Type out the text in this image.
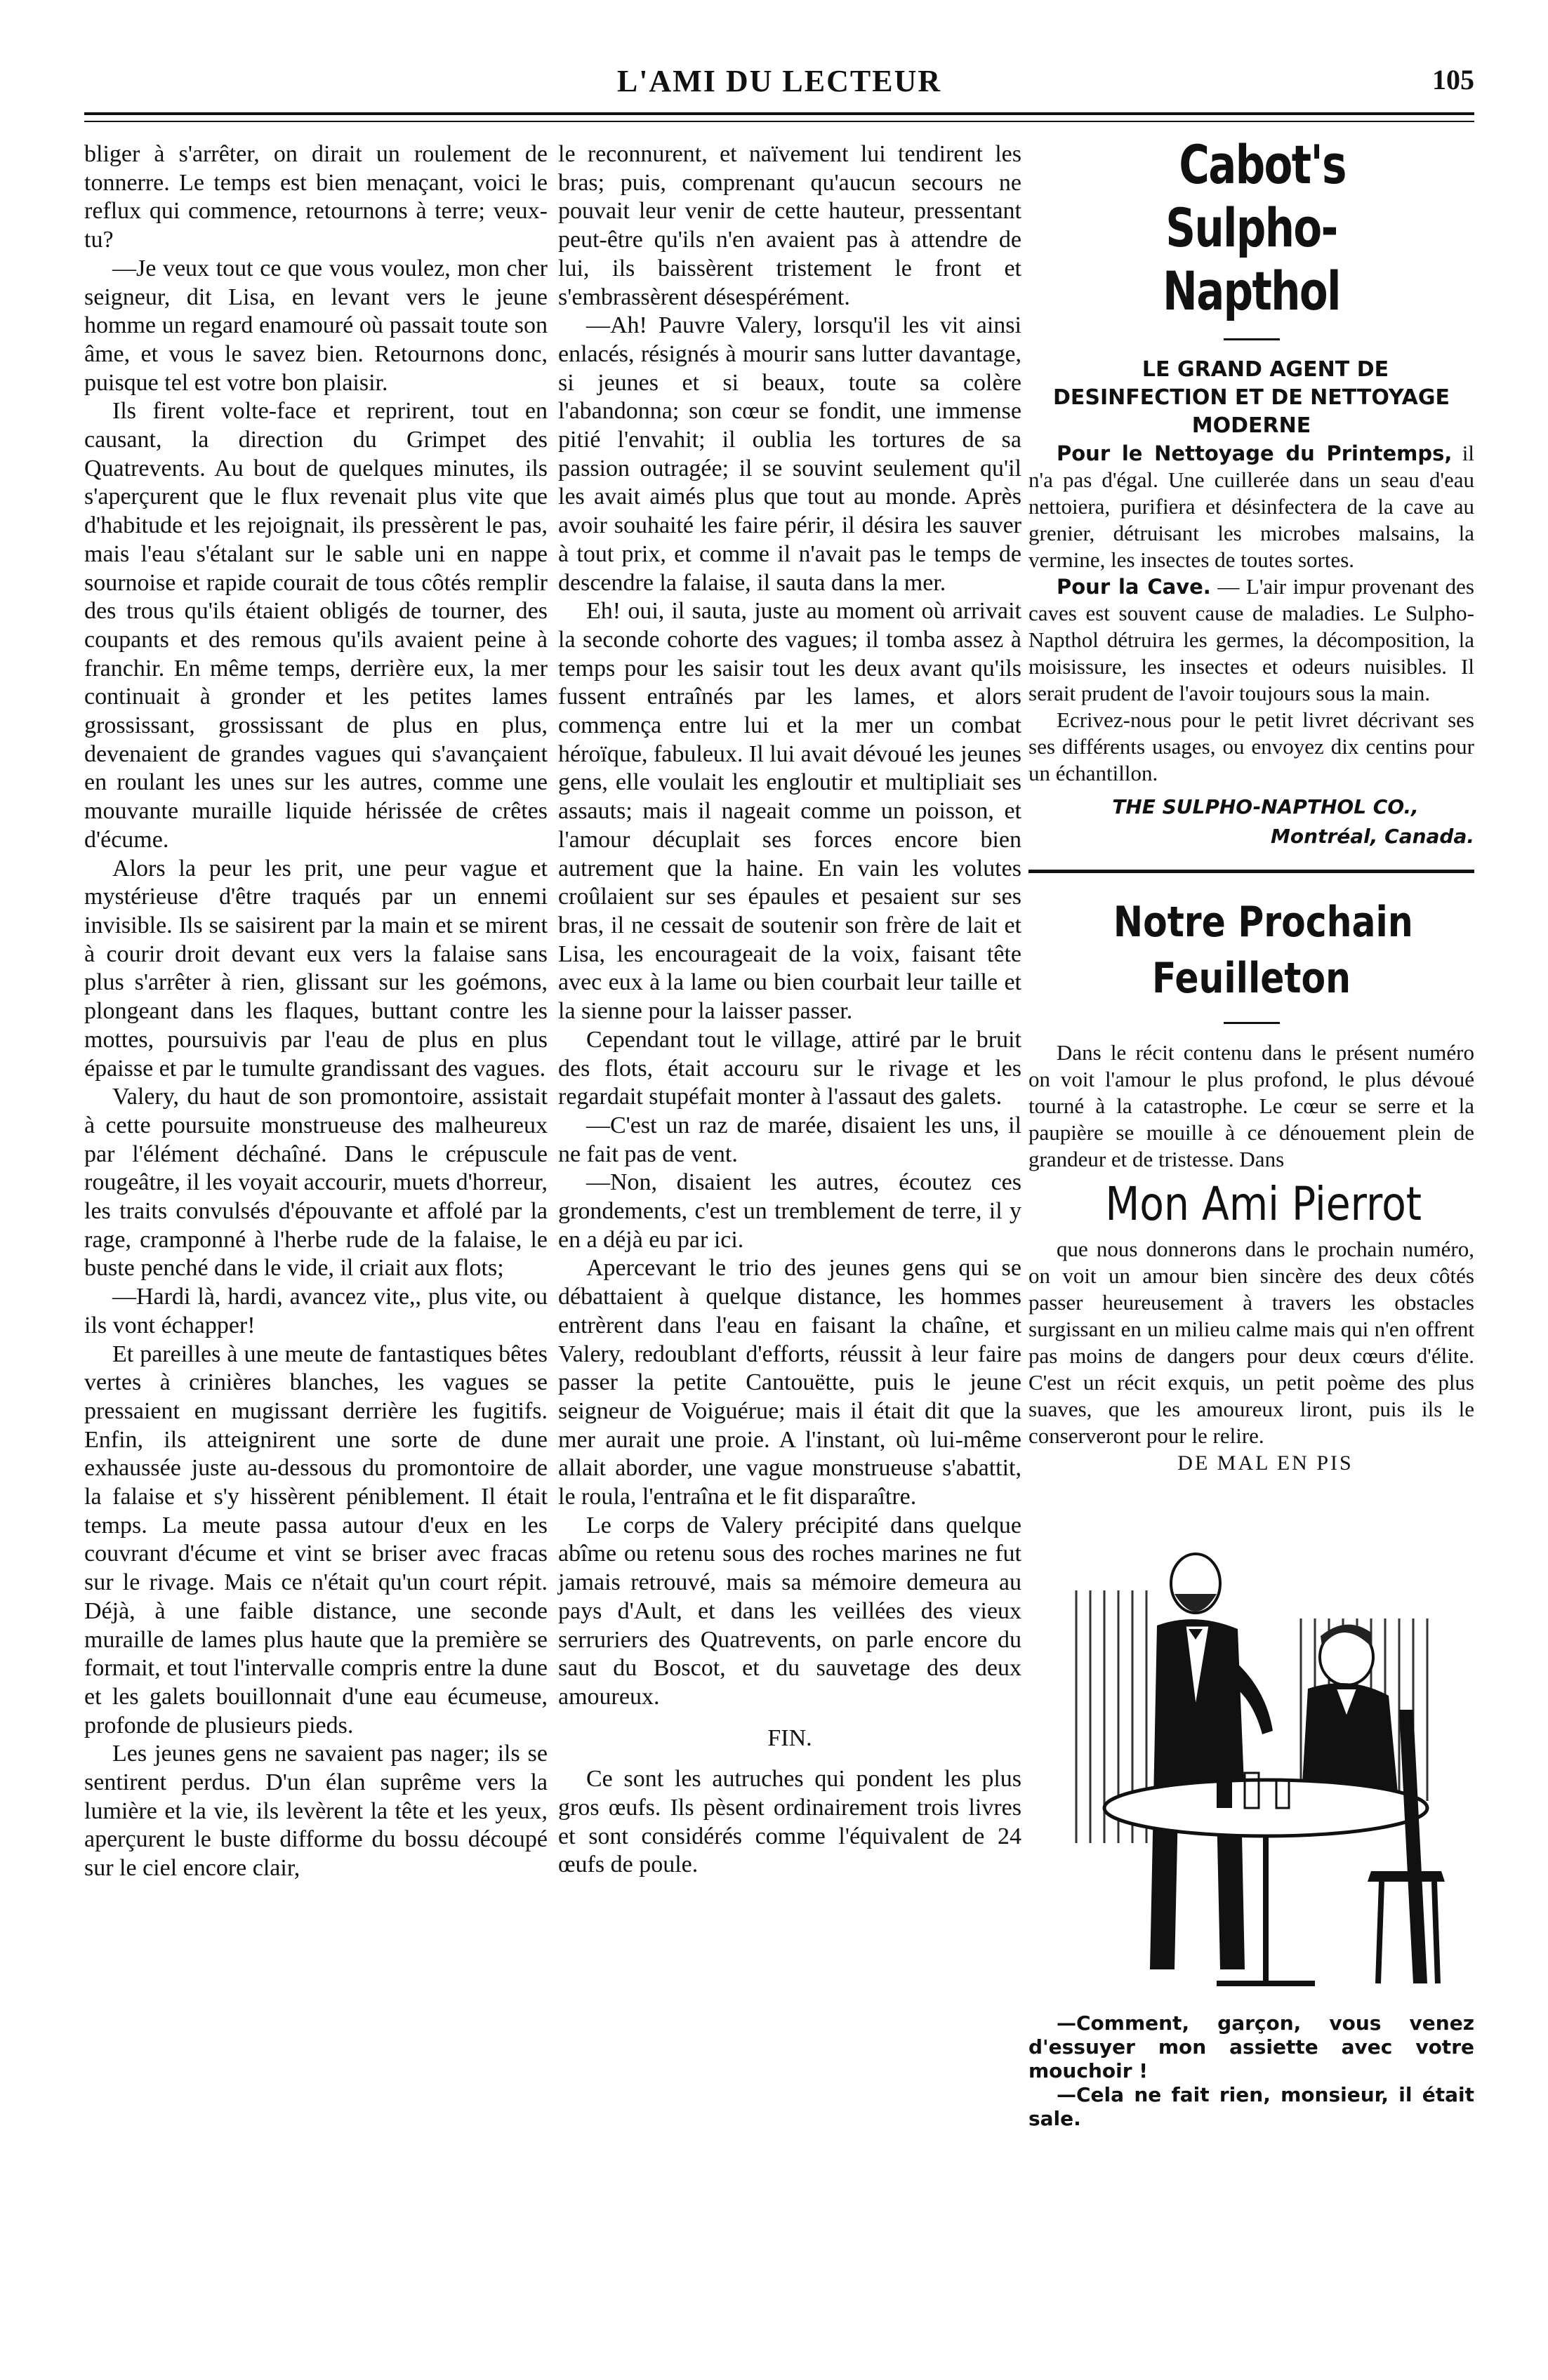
L'AMI DU LECTEUR	105

bliger à s'arrêter, on dirait un roulement de tonnerre. Le temps est bien menaçant, voici le reflux qui commence, retournons à terre; veux-tu?

—Je veux tout ce que vous voulez, mon cher seigneur, dit Lisa, en levant vers le jeune homme un regard enamouré où passait toute son âme, et vous le savez bien. Retournons donc, puisque tel est votre bon plaisir.

Ils firent volte-face et reprirent, tout en causant, la direction du Grimpet des Quatrevents. Au bout de quelques minutes, ils s'aperçurent que le flux revenait plus vite que d'habitude et les rejoignait, ils pressèrent le pas, mais l'eau s'étalant sur le sable uni en nappe sournoise et rapide courait de tous côtés remplir des trous qu'ils étaient obligés de tourner, des coupants et des remous qu'ils avaient peine à franchir. En même temps, derrière eux, la mer continuait à gronder et les petites lames grossissant, grossissant de plus en plus, devenaient de grandes vagues qui s'avançaient en roulant les unes sur les autres, comme une mouvante muraille liquide hérissée de crêtes d'écume.

Alors la peur les prit, une peur vague et mystérieuse d'être traqués par un ennemi invisible. Ils se saisirent par la main et se mirent à courir droit devant eux vers la falaise sans plus s'arrêter à rien, glissant sur les goémons, plongeant dans les flaques, buttant contre les mottes, poursuivis par l'eau de plus en plus épaisse et par le tumulte grandissant des vagues.

Valery, du haut de son promontoire, assistait à cette poursuite monstrueuse des malheureux par l'élément déchaîné. Dans le crépuscule rougeâtre, il les voyait accourir, muets d'horreur, les traits convulsés d'épouvante et affolé par la rage, cramponné à l'herbe rude de la falaise, le buste penché dans le vide, il criait aux flots;

—Hardi là, hardi, avancez vite,, plus vite, ou ils vont échapper!

Et pareilles à une meute de fantastiques bêtes vertes à crinières blanches, les vagues se pressaient en mugissant derrière les fugitifs. Enfin, ils atteignirent une sorte de dune exhaussée juste au-dessous du promontoire de la falaise et s'y hissèrent péniblement. Il était temps. La meute passa autour d'eux en les couvrant d'écume et vint se briser avec fracas sur le rivage. Mais ce n'était qu'un court répit. Déjà, à une faible distance, une seconde muraille de lames plus haute que la première se formait, et tout l'intervalle compris entre la dune et les galets bouillonnait d'une eau écumeuse, profonde de plusieurs pieds.

Les jeunes gens ne savaient pas nager; ils se sentirent perdus. D'un élan suprême vers la lumière et la vie, ils levèrent la tête et les yeux, aperçurent le buste difforme du bossu découpé sur le ciel encore clair,

le reconnurent, et naïvement lui tendirent les bras; puis, comprenant qu'aucun secours ne pouvait leur venir de cette hauteur, pressentant peut-être qu'ils n'en avaient pas à attendre de lui, ils baissèrent tristement le front et s'embrassèrent désespérément.

—Ah! Pauvre Valery, lorsqu'il les vit ainsi enlacés, résignés à mourir sans lutter davantage, si jeunes et si beaux, toute sa colère l'abandonna; son cœur se fondit, une immense pitié l'envahit; il oublia les tortures de sa passion outragée; il se souvint seulement qu'il les avait aimés plus que tout au monde. Après avoir souhaité les faire périr, il désira les sauver à tout prix, et comme il n'avait pas le temps de descendre la falaise, il sauta dans la mer.

Eh! oui, il sauta, juste au moment où arrivait la seconde cohorte des vagues; il tomba assez à temps pour les saisir tout les deux avant qu'ils fussent entraînés par les lames, et alors commença entre lui et la mer un combat héroïque, fabuleux. Il lui avait dévoué les jeunes gens, elle voulait les engloutir et multipliait ses assauts; mais il nageait comme un poisson, et l'amour décuplait ses forces encore bien autrement que la haine. En vain les volutes croûlaient sur ses épaules et pesaient sur ses bras, il ne cessait de soutenir son frère de lait et Lisa, les encourageait de la voix, faisant tête avec eux à la lame ou bien courbait leur taille et la sienne pour la laisser passer.

Cependant tout le village, attiré par le bruit des flots, était accouru sur le rivage et les regardait stupéfait monter à l'assaut des galets.

—C'est un raz de marée, disaient les uns, il ne fait pas de vent.

—Non, disaient les autres, écoutez ces grondements, c'est un tremblement de terre, il y en a déjà eu par ici.

Apercevant le trio des jeunes gens qui se débattaient à quelque distance, les hommes entrèrent dans l'eau en faisant la chaîne, et Valery, redoublant d'efforts, réussit à leur faire passer la petite Cantouëtte, puis le jeune seigneur de Voiguérue; mais il était dit que la mer aurait une proie. A l'instant, où lui-même allait aborder, une vague monstrueuse s'abattit, le roula, l'entraîna et le fit disparaître.

Le corps de Valery précipité dans quelque abîme ou retenu sous des roches marines ne fut jamais retrouvé, mais sa mémoire demeura au pays d'Ault, et dans les veillées des vieux serruriers des Quatrevents, on parle encore du saut du Boscot, et du sauvetage des deux amoureux.

FIN.

Ce sont les autruches qui pondent les plus gros œufs. Ils pèsent ordinairement trois livres et sont considérés comme l'équivalent de 24 œufs de poule.

Cabot's Sulpho-Napthol

LE GRAND AGENT DE DESINFECTION ET DE NETTOYAGE MODERNE

Pour le Nettoyage du Printemps, il n'a pas d'égal. Une cuillerée dans un seau d'eau nettoiera, purifiera et désinfectera de la cave au grenier, détruisant les microbes malsains, la vermine, les insectes de toutes sortes.

Pour la Cave. — L'air impur provenant des caves est souvent cause de maladies. Le Sulpho-Napthol détruira les germes, la décomposition, la moisissure, les insectes et odeurs nuisibles. Il serait prudent de l'avoir toujours sous la main.

Ecrivez-nous pour le petit livret décrivant ses ses différents usages, ou envoyez dix centins pour un échantillon.

THE SULPHO-NAPTHOL CO.,

Montréal, Canada.

Notre Prochain Feuilleton

Dans le récit contenu dans le présent numéro on voit l'amour le plus profond, le plus dévoué tourné à la catastrophe. Le cœur se serre et la paupière se mouille à ce dénouement plein de grandeur et de tristesse. Dans

Mon Ami Pierrot

que nous donnerons dans le prochain numéro, on voit un amour bien sincère des deux côtés passer heureusement à travers les obstacles surgissant en un milieu calme mais qui n'en offrent pas moins de dangers pour deux cœurs d'élite. C'est un récit exquis, un petit poème des plus suaves, que les amoureux liront, puis ils le conserveront pour le relire.

DE MAL EN PIS

—Comment, garçon, vous venez d'essuyer mon assiette avec votre mouchoir !

—Cela ne fait rien, monsieur, il était sale.
